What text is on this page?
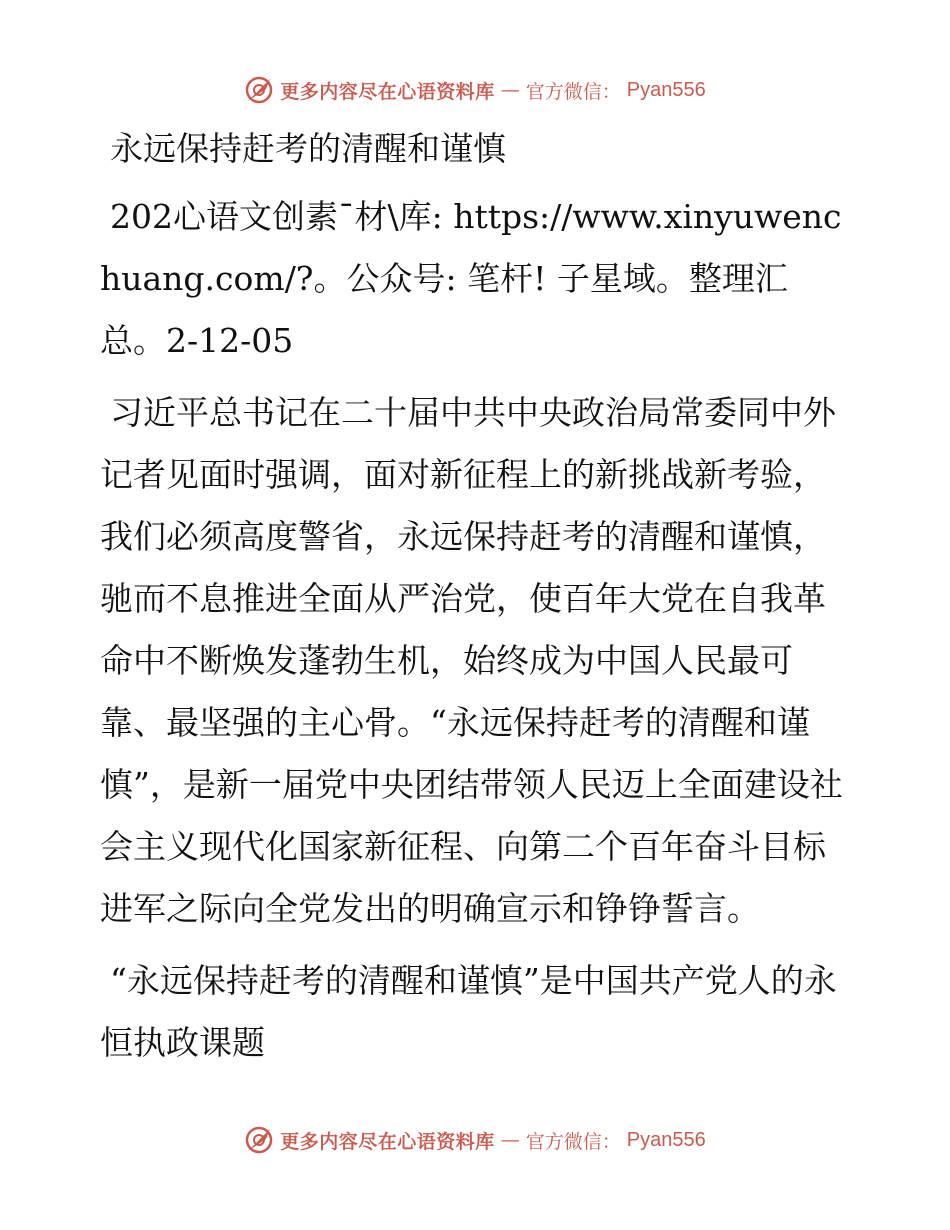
更多内容尽在心语资料库 — 官方微信： Pyan556

永远保持赶考的清醒和谨慎

202心语文创素¯材\库: https://www.xinyuwenchuang.com/?。公众号: 笔杆! 子星域。整理汇总。2-12-05

习近平总书记在二十届中共中央政治局常委同中外记者见面时强调，面对新征程上的新挑战新考验，我们必须高度警省，永远保持赶考的清醒和谨慎，驰而不息推进全面从严治党，使百年大党在自我革命中不断焕发蓬勃生机，始终成为中国人民最可靠、最坚强的主心骨。“永远保持赶考的清醒和谨慎”，是新一届党中央团结带领人民迈上全面建设社会主义现代化国家新征程、向第二个百年奋斗目标进军之际向全党发出的明确宣示和铮铮誓言。

“永远保持赶考的清醒和谨慎”是中国共产党人的永恒执政课题

更多内容尽在心语资料库 — 官方微信： Pyan556
